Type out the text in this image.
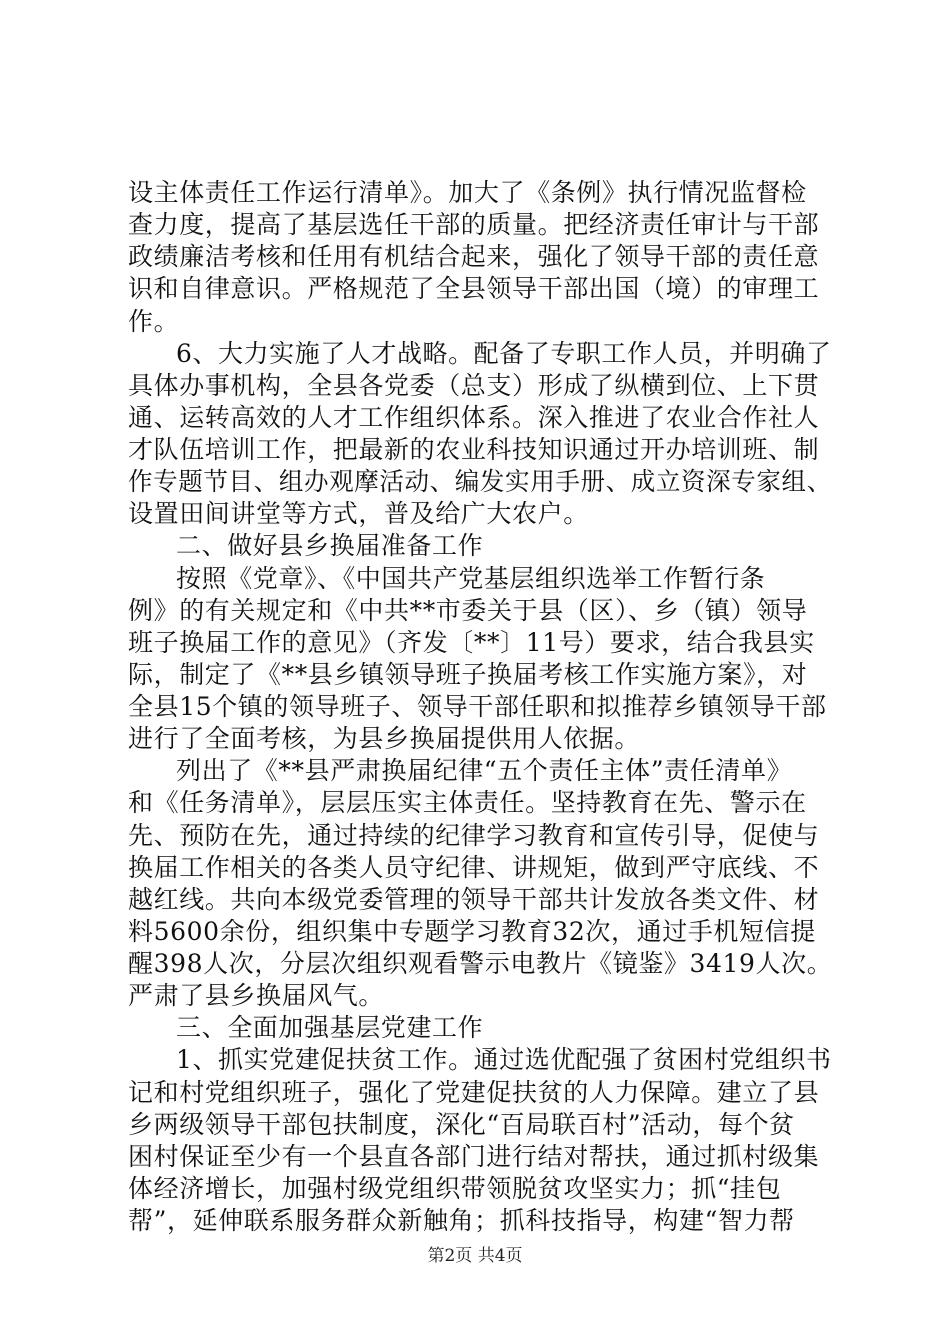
设主体责任工作运行清单》。加大了《条例》执行情况监督检
查力度，提高了基层选任干部的质量。把经济责任审计与干部
政绩廉洁考核和任用有机结合起来，强化了领导干部的责任意
识和自律意识。严格规范了全县领导干部出国（境）的审理工
作。
6、大力实施了人才战略。配备了专职工作人员，并明确了
具体办事机构，全县各党委（总支）形成了纵横到位、上下贯
通、运转高效的人才工作组织体系。深入推进了农业合作社人
才队伍培训工作，把最新的农业科技知识通过开办培训班、制
作专题节目、组办观摩活动、编发实用手册、成立资深专家组、
设置田间讲堂等方式，普及给广大农户。
二、做好县乡换届准备工作
按照《党章》、《中国共产党基层组织选举工作暂行条
例》的有关规定和《中共**市委关于县（区）、乡（镇）领导
班子换届工作的意见》（齐发〔**〕11号）要求，结合我县实
际，制定了《**县乡镇领导班子换届考核工作实施方案》，对
全县15个镇的领导班子、领导干部任职和拟推荐乡镇领导干部
进行了全面考核，为县乡换届提供用人依据。
列出了《**县严肃换届纪律“五个责任主体”责任清单》
和《任务清单》，层层压实主体责任。坚持教育在先、警示在
先、预防在先，通过持续的纪律学习教育和宣传引导，促使与
换届工作相关的各类人员守纪律、讲规矩，做到严守底线、不
越红线。共向本级党委管理的领导干部共计发放各类文件、材
料5600余份，组织集中专题学习教育32次，通过手机短信提
醒398人次，分层次组织观看警示电教片《镜鉴》3419人次。
严肃了县乡换届风气。
三、全面加强基层党建工作
1、抓实党建促扶贫工作。通过选优配强了贫困村党组织书
记和村党组织班子，强化了党建促扶贫的人力保障。建立了县
乡两级领导干部包扶制度，深化“百局联百村”活动，每个贫
困村保证至少有一个县直各部门进行结对帮扶，通过抓村级集
体经济增长，加强村级党组织带领脱贫攻坚实力；抓“挂包
帮”，延伸联系服务群众新触角；抓科技指导，构建“智力帮
第2页 共4页
